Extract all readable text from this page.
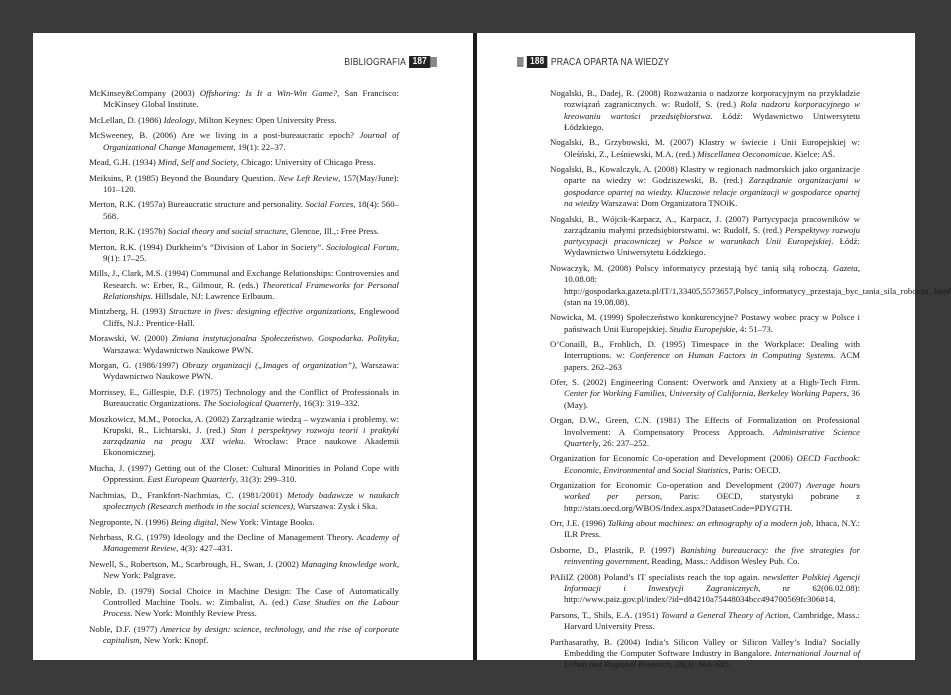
BIBLIOGRAFIA 187

McKinsey&Company (2003) Offshoring: Is It a Win-Win Game?, San Francisco: McKinsey Global Institute.

McLellan, D. (1986) Ideology, Milton Keynes: Open University Press.

McSweeney, B. (2006) Are we living in a post-bureaucratic epoch? Journal of Organizational Change Management, 19(1): 22–37.

Mead, G.H. (1934) Mind, Self and Society, Chicago: University of Chicago Press.

Meiksins, P. (1985) Beyond the Boundary Question. New Left Review, 157(May/June): 101–120.

Merton, R.K. (1957a) Bureaucratic structure and personality. Social Forces, 18(4): 560–568.

Merton, R.K. (1957b) Social theory and social structure, Glencoe, Ill.,: Free Press.

Merton, R.K. (1994) Durkheim’s “Division of Labor in Society”. Sociological Forum, 9(1): 17–25.

Mills, J., Clark, M.S. (1994) Communal and Exchange Relationships: Controversies and Research. w: Erber, R., Gilmour, R. (eds.) Theoretical Frameworks for Personal Relationships. Hillsdale, NJ: Lawrence Erlbaum.

Mintzberg, H. (1993) Structure in fives: designing effective organizations, Englewood Cliffs, N.J.: Prentice-Hall.

Morawski, W. (2000) Zmiana instytucjonalna Społeczeństwo. Gospodarka. Polityka, Warszawa: Wydawnictwo Naukowe PWN.

Morgan, G. (1986/1997) Obrazy organizacji („Images of organization”), Warszawa: Wydawnictwo Naukowe PWN.

Morrissey, E., Gillespie, D.F. (1975) Technology and the Conflict of Professionals in Bureaucratic Organizations. The Sociological Quarterly, 16(3): 319–332.

Moszkowicz, M.M., Potocka, A. (2002) Zarządzanie wiedzą – wyzwania i problemy. w: Krupski, R., Lichtarski, J. (red.) Stan i perspektywy rozwoju teorii i praktyki zarządzania na progu XXI wieku. Wrocław: Prace naukowe Akademii Ekonomicznej.

Mucha, J. (1997) Getting out of the Closet: Cultural Minorities in Poland Cope with Oppression. East European Quarterly, 31(3): 299–310.

Nachmias, D., Frankfort-Nachmias, C. (1981/2001) Metody badawcze w naukach społecznych (Research methods in the social sciences), Warszawa: Zysk i Ska.

Negroponte, N. (1996) Being digital, New York: Vintage Books.

Nehrbass, R.G. (1979) Ideology and the Decline of Management Theory. Academy of Management Review, 4(3): 427–431.

Newell, S., Robertson, M., Scarbrough, H., Swan, J. (2002) Managing knowledge work, New York: Palgrave.

Noble, D. (1979) Social Choice in Machine Design: The Case of Automatically Controlled Machine Tools. w: Zimbalist, A. (ed.) Case Studies on the Labour Process. New York: Monthly Review Press.

Noble, D.F. (1977) America by design: science, technology, and the rise of corporate capitalism, New York: Knopf.

188 PRACA OPARTA NA WIEDZY

Nogalski, B., Dadej, R. (2008) Rozważania o nadzorze korporacyjnym na przykładzie rozwiązań zagranicznych. w: Rudolf, S. (red.) Rola nadzoru korporacyjnego w kreowaniu wartości przedsiębiorstwa. Łódź: Wydawnictwo Uniwersytetu Łódzkiego.

Nogalski, B., Grzybowski, M. (2007) Klastry w świecie i Unii Europejskiej w: Oleśński, Z., Leśniewski, M.A. (red.) Miscellanea Oeconomicae. Kielce: AŚ.

Nogalski, B., Kowalczyk, A. (2008) Klastry w regionach nadmorskich jako organizacje oparte na wiedzy w: Godziszewski, B. (red.) Zarządzanie organizacjami w gospodarce opartej na wiedzy. Kluczowe relacje organizacji w gospodarce opartej na wiedzy Warszawa: Dom Organizatora TNOiK.

Nogalski, B., Wójcik-Karpacz, A., Karpacz, J. (2007) Partycypacja pracowników w zarządzaniu małymi przedsiębiorstwami. w: Rudolf, S. (red.) Perspektywy rozwoju partycypacji pracowniczej w Polsce w warunkach Unii Europejskiej. Łódź: Wydawnictwo Uniwersytetu Łódzkiego.

Nowaczyk, M. (2008) Polscy informatycy przestają być tanią siłą roboczą. Gazeta, 10.08.08: http://gospodarka.gazeta.pl/IT/1,33405,5573657,Polscy_informatycy_przestaja_byc_tania_sila_robocza_.html (stan na 19.08.08).

Nowicka, M. (1999) Społeczeństwo konkurencyjne? Postawy wobec pracy w Polsce i państwach Unii Europejskiej. Studia Europejskie, 4: 51–73.

O’Conaill, B., Frohlich, D. (1995) Timespace in the Workplace: Dealing with Interruptions. w: Conference on Human Factors in Computing Systems. ACM papers. 262–263

Ofer, S. (2002) Engineering Consent: Overwork and Anxiety at a High-Tech Firm. Center for Working Families, University of California, Berkeley Working Papers, 36 (May).

Organ, D.W., Green, C.N. (1981) The Effects of Formalization on Professional Involvement: A Compensatory Process Approach. Administrative Science Quarterly, 26: 237–252.

Organization for Economic Co-operation and Development (2006) OECD Factbook: Economic, Environmental and Social Statistics, Paris: OECD.

Organization for Economic Co-operation and Development (2007) Average hours worked per person, Paris: OECD, statystyki pobrane z http://stats.oecd.org/WBOS/Index.aspx?DatasetCode=PDYGTH.

Orr, J.E. (1996) Talking about machines: an ethnography of a modern job, Ithaca, N.Y.: ILR Press.

Osborne, D., Plastrik, P. (1997) Banishing bureaucracy: the five strategies for reinventing government, Reading, Mass.: Addison Wesley Pub. Co.

PAIiIZ (2008) Poland’s IT specialists reach the top again. newsletter Polskiej Agencji Informacji i Inwestycji Zagranicznych, nr 62(06.02.08): http://www.paiz.gov.pl/index/?id=d84210a75448034bcc494700569fc306#14.

Parsons, T., Shils, E.A. (1951) Toward a General Theory of Action, Cambridge, Mass.: Harvard University Press.

Parthasarathy, B. (2004) India’s Silicon Valley or Silicon Valley’s India? Socially Embedding the Computer Software Industry in Bangalore. International Journal of Urban and Regional Research, 28(3): 664–685.
